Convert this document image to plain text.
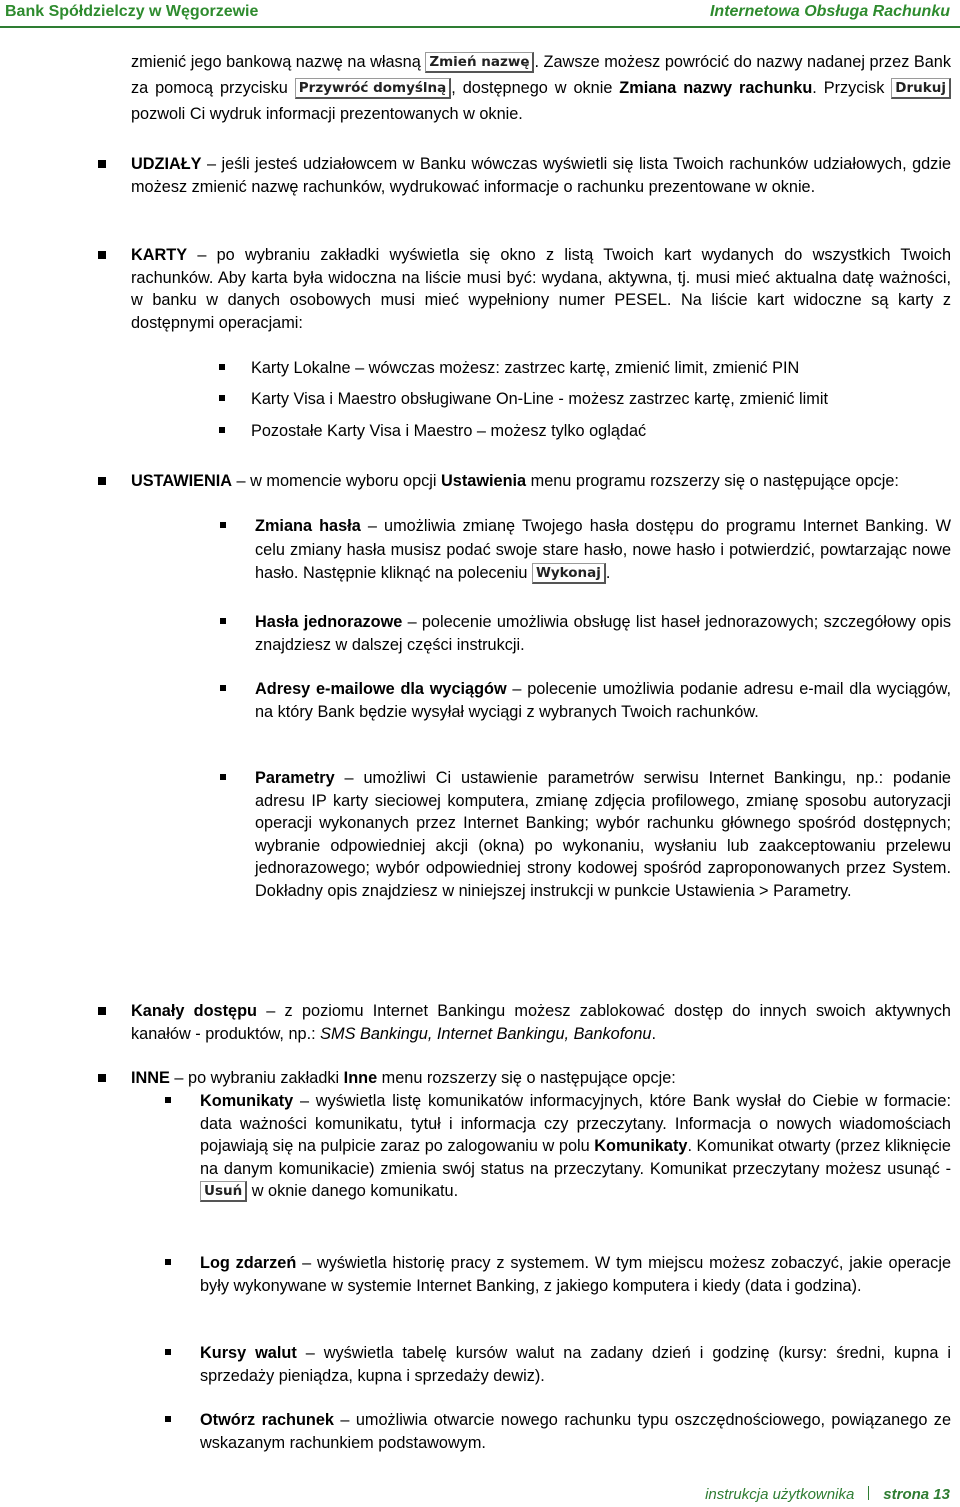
Bank Spółdzielczy w Węgorzewie	Internetowa Obsługa Rachunku
zmienić jego bankową nazwę na własną Zmień nazwę . Zawsze możesz powrócić do nazwy nadanej przez Bank za pomocą przycisku Przywróć domyślną , dostępnego w oknie Zmiana nazwy rachunku. Przycisk Drukuj pozwoli Ci wydruk informacji prezentowanych w oknie.
UDZIAŁY – jeśli jesteś udziałowcem w Banku wówczas wyświetli się lista Twoich rachunków udziałowych, gdzie możesz zmienić nazwę rachunków, wydrukować informacje o rachunku prezentowane w oknie.
KARTY – po wybraniu zakładki wyświetla się okno z listą Twoich kart wydanych do wszystkich Twoich rachunków. Aby karta była widoczna na liście musi być: wydana, aktywna, tj. musi mieć aktualna datę ważności, w banku w danych osobowych musi mieć wypełniony numer PESEL. Na liście kart widoczne są karty z dostępnymi operacjami:
Karty Lokalne – wówczas możesz: zastrzec kartę, zmienić limit, zmienić PIN
Karty Visa i Maestro obsługiwane On-Line - możesz zastrzec kartę, zmienić limit
Pozostałe Karty Visa i Maestro – możesz tylko oglądać
USTAWIENIA – w momencie wyboru opcji Ustawienia menu programu rozszerzy się o następujące opcje:
Zmiana hasła – umożliwia zmianę Twojego hasła dostępu do programu Internet Banking. W celu zmiany hasła musisz podać swoje stare hasło, nowe hasło i potwierdzić, powtarzając nowe hasło. Następnie kliknąć na poleceniu Wykonaj .
Hasła jednorazowe – polecenie umożliwia obsługę list haseł jednorazowych; szczegółowy opis znajdziesz w dalszej części instrukcji.
Adresy e-mailowe dla wyciągów – polecenie umożliwia podanie adresu e-mail dla wyciągów, na który Bank będzie wysyłał wyciągi z wybranych Twoich rachunków.
Parametry – umożliwi Ci ustawienie parametrów serwisu Internet Bankingu, np.: podanie adresu IP karty sieciowej komputera, zmianę zdjęcia profilowego, zmianę sposobu autoryzacji operacji wykonanych przez Internet Banking; wybór rachunku głównego spośród dostępnych; wybranie odpowiedniej akcji (okna) po wykonaniu, wysłaniu lub zaakceptowaniu przelewu jednorazowego; wybór odpowiedniej strony kodowej spośród zaproponowanych przez System. Dokładny opis znajdziesz w niniejszej instrukcji w punkcie Ustawienia > Parametry.
Kanały dostępu – z poziomu Internet Bankingu możesz zablokować dostęp do innych swoich aktywnych kanałów - produktów, np.: SMS Bankingu, Internet Bankingu, Bankofonu.
INNE – po wybraniu zakładki Inne menu rozszerzy się o następujące opcje:
Komunikaty – wyświetla listę komunikatów informacyjnych, które Bank wysłał do Ciebie w formacie: data ważności komunikatu, tytuł i informacja czy przeczytany. Informacja o nowych wiadomościach pojawiają się na pulpicie zaraz po zalogowaniu w polu Komunikaty. Komunikat otwarty (przez kliknięcie na danym komunikacie) zmienia swój status na przeczytany. Komunikat przeczytany możesz usunąć - Usuń w oknie danego komunikatu.
Log zdarzeń – wyświetla historię pracy z systemem. W tym miejscu możesz zobaczyć, jakie operacje były wykonywane w systemie Internet Banking, z jakiego komputera i kiedy (data i godzina).
Kursy walut – wyświetla tabelę kursów walut na zadany dzień i godzinę (kursy: średni, kupna i sprzedaży pieniądza, kupna i sprzedaży dewiz).
Otwórz rachunek – umożliwia otwarcie nowego rachunku typu oszczędnościowego, powiązanego ze wskazanym rachunkiem podstawowym.
instrukcja użytkownika strona 13
